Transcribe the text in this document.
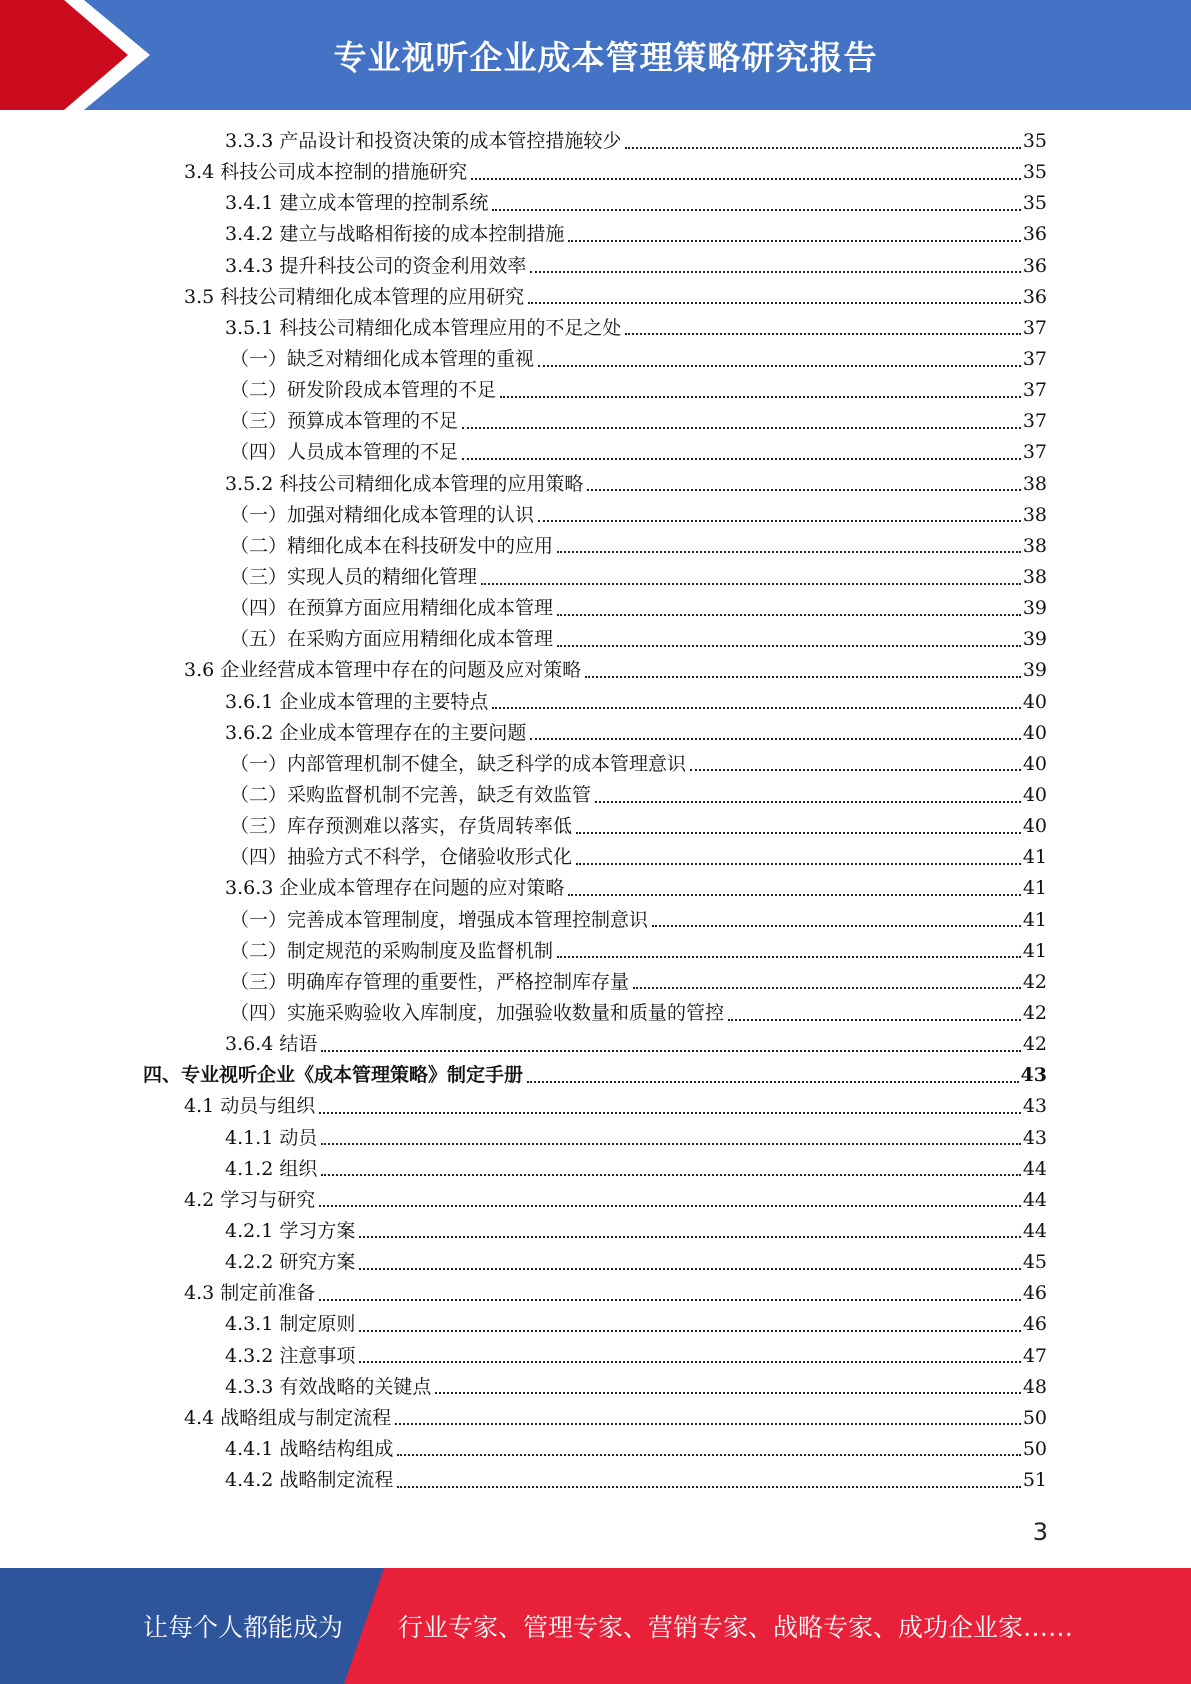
专业视听企业成本管理策略研究报告
3.3.3 产品设计和投资决策的成本管控措施较少	35
3.4 科技公司成本控制的措施研究	35
3.4.1 建立成本管理的控制系统	35
3.4.2 建立与战略相衔接的成本控制措施	36
3.4.3 提升科技公司的资金利用效率	36
3.5 科技公司精细化成本管理的应用研究	36
3.5.1 科技公司精细化成本管理应用的不足之处	37
（一）缺乏对精细化成本管理的重视	37
（二）研发阶段成本管理的不足	37
（三）预算成本管理的不足	37
（四）人员成本管理的不足	37
3.5.2 科技公司精细化成本管理的应用策略	38
（一）加强对精细化成本管理的认识	38
（二）精细化成本在科技研发中的应用	38
（三）实现人员的精细化管理	38
（四）在预算方面应用精细化成本管理	39
（五）在采购方面应用精细化成本管理	39
3.6 企业经营成本管理中存在的问题及应对策略	39
3.6.1 企业成本管理的主要特点	40
3.6.2 企业成本管理存在的主要问题	40
（一）内部管理机制不健全，缺乏科学的成本管理意识	40
（二）采购监督机制不完善，缺乏有效监管	40
（三）库存预测难以落实，存货周转率低	40
（四）抽验方式不科学，仓储验收形式化	41
3.6.3 企业成本管理存在问题的应对策略	41
（一）完善成本管理制度，增强成本管理控制意识	41
（二）制定规范的采购制度及监督机制	41
（三）明确库存管理的重要性，严格控制库存量	42
（四）实施采购验收入库制度，加强验收数量和质量的管控	42
3.6.4 结语	42
四、专业视听企业《成本管理策略》制定手册	43
4.1 动员与组织	43
4.1.1 动员	43
4.1.2 组织	44
4.2 学习与研究	44
4.2.1 学习方案	44
4.2.2 研究方案	45
4.3 制定前准备	46
4.3.1 制定原则	46
4.3.2 注意事项	47
4.3.3 有效战略的关键点	48
4.4 战略组成与制定流程	50
4.4.1 战略结构组成	50
4.4.2 战略制定流程	51
3
让每个人都能成为 行业专家、管理专家、营销专家、战略专家、成功企业家……
